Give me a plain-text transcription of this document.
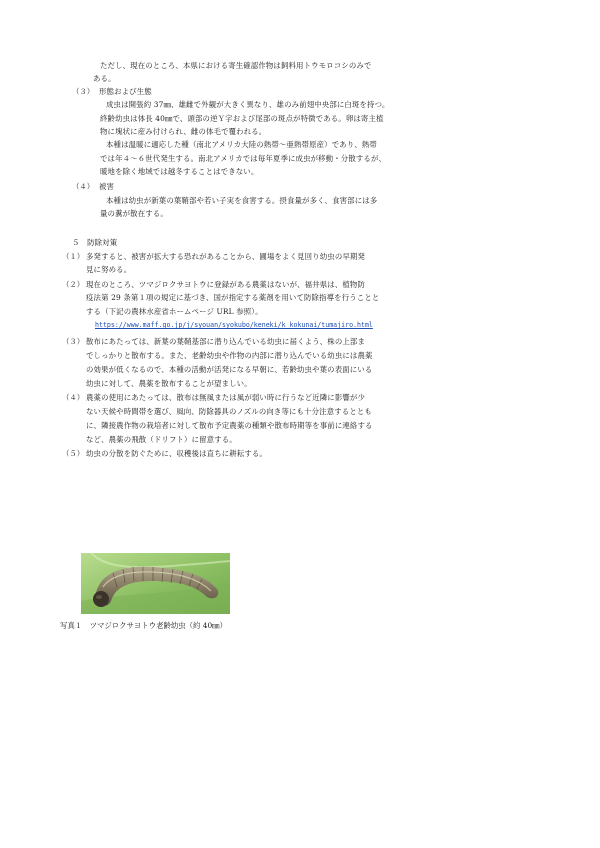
ただし、現在のところ、本県における寄生確認作物は飼料用トウモロコシのみで
ある。
（３） 形態および生態
成虫は開張約 37㎜、雄雌で外観が大きく異なり、雄のみ前翅中央部に白斑を持つ。
終齢幼虫は体長 40㎜で、頭部の逆Ｙ字および尾部の斑点が特徴である。卵は寄主植
物に塊状に産み付けられ、雌の体毛で覆われる。
本種は温暖に適応した種（南北アメリカ大陸の熱帯～亜熱帯原産）であり、熱帯
では年４～６世代発生する。南北アメリカでは毎年夏季に成虫が移動・分散するが、
暖地を除く地域では越冬することはできない。
（４） 被害
本種は幼虫が新葉の葉鞘部や若い子実を食害する。摂食量が多く、食害部には多
量の糞が散在する。
５　防除対策
（１） 多発すると、被害が拡大する恐れがあることから、圃場をよく見回り幼虫の早期発
見に努める。
（２） 現在のところ、ツマジロクサヨトウに登録がある農薬はないが、福井県は、植物防
疫法第 29 条第１項の規定に基づき、国が指定する薬剤を用いて防除指導を行うことと
する（下記の農林水産省ホームページ URL 参照）。
https://www.maff.go.jp/j/syouan/syokubo/keneki/k_kokunai/tumajiro.html
（３） 散布にあたっては、新葉の葉鞘基部に潜り込んでいる幼虫に届くよう、株の上部ま
でしっかりと散布する。また、老齢幼虫や作物の内部に潜り込んでいる幼虫には農薬
の効果が低くなるので、本種の活動が活発になる早朝に、若齢幼虫や葉の表面にいる
幼虫に対して、農薬を散布することが望ましい。
（４） 農薬の使用にあたっては、散布は無風または風が弱い時に行うなど近隣に影響が少
ない天候や時間帯を選び、風向、防除器具のノズルの向き等にも十分注意するととも
に、隣接農作物の栽培者に対して散布予定農薬の種類や散布時期等を事前に連絡する
など、農薬の飛散（ドリフト）に留意する。
（５） 幼虫の分散を防ぐために、収穫後は直ちに耕耘する。
写真１　ツマジロクサヨトウ老齢幼虫（約 40㎜）
